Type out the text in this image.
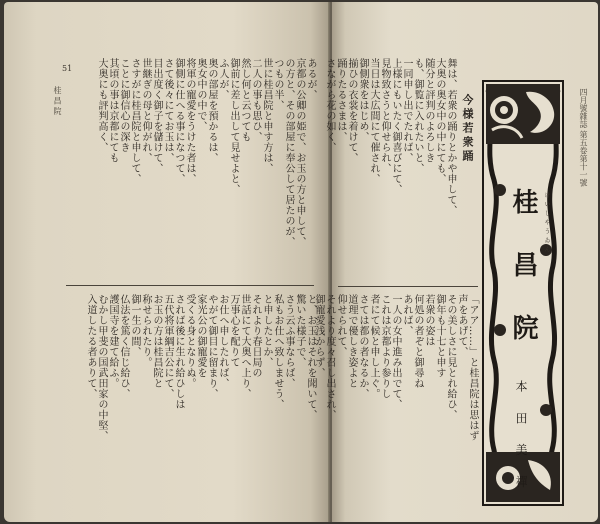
51
桂 昌 院
あるが、
京都の公卿の姫で、お玉の方と申して、
の方と、その部屋に奉公して居たのが、
つもの半、
世に桂昌院と申す方は、
二人の事も思ひ、
然し何と云つても
御前に差し出して見せよと、
ふ人が、
奥の部屋を預かるは、
奥女中の中で、
将軍の寵愛をうけた者は、
御側に仕へる事になつて、
さて後々にてお玉は、
目出度く御子を儲けて、
世継ぎの母と仰がれ、
さすがに桂昌院と申して、
ことに御信心の深き
其頃の事は京都にても
大奥にも評判高く、
と、お玉はそれを聞いて、
驚いた様子で、
さう云ふ事ならば、
私もお仕へ致しませう、
と申したとか、
それより春日局の
世話にて大奥へ上り、
万事心を配りて
お仕へ申したれば、
やがて御目に留まり、
家光公の御寵愛を
受くる身となりぬ。
されば後に生れ給ひしは
五代将軍綱吉公にて、
お玉の方は桂昌院と
称せられたり。
御一生の間、
仏法を篤く信じ給ひ、
護国寺を建て給ふ。
むかし甲斐の国武田家の中堅、
入道したる者ありて、
四月號雜誌 第五卷第十一號
今様若衆踊
舞は、若衆の踊りとかや申して、
大奥の奥女中の中にても、
随分と評判のよろしき
も、御覧に入れたいと、
一同申し出でたれば、
上様にもいたく御喜びにて、
見物致さうと仰せられ、
当日は大広間にて催され、
御側衆をはじめ、
揃ひの衣裳を着けて、
踊りたるさまは、
さながら花の如く、
「アア……」と桂昌院は思はず
声をあげて、
その美しさに見とれ給ひ、
御年も十七と申す
若衆の姿は
何処の者ぞと御尋ね
あれば、
一人の女中進み出でて、
これは京都より参りし
者にて候と申し上ぐ。
さては都の者なるか、
道理で優しき姿よと
仰せられて、
それより度々召し出され、
御寵愛浅からず、	桂 昌 院 けいしやうゐん
本 田 美 禪
